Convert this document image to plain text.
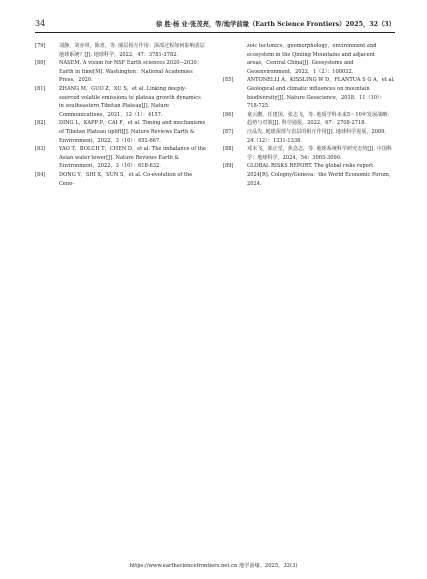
34	徐 胜·杨 业·张茂亮，等/地学前缘（Earth Science Frontiers）2025，32（3）

[79]	刘静，刘亦琪，陈喜，等. 圈层相互作用：深部过程如何影响表层地球系统？[J]. 地球科学，2022，47：3781-3782.

[80]	NASEM. A vision for NSF Earth sciences 2020−2030：Earth in time[M]. Washington：National Academies Press，2020.

[81]	ZHANG M，GUO Z，XU S，et al. Linking deeply-sourced volatile emissions to plateau growth dynamics in southeastern Tibetan Plateau[J]. Nature Communications，2021，12（1）：4157.

[82]	DING L，KAPP P，CAI F，et al. Timing and mechanisms of Tibetan Plateau uplift[J]. Nature Reviews Earth & Environment，2022，3（10）：652-667.

[83]	YAO T，BOLCH T，CHEN D，et al. The imbalance of the Asian water tower[J]. Nature Reviews Earth & Environment，2022，3（10）：618-632.

[84]	DONG Y，SHI X，SUN S，et al. Co-evolution of the Ceno-

zoic tectonics，geomorphology，environment and ecosystem in the Qinling Mountains and adjacent areas，Central China[J]. Geosystems and Geoenvironment，2022，1（2）：100032.

[85]	ANTONELLI A，KISSLING W D，FLANTUA S G A，et al. Geological and climatic influences on mountain biodiversity[J]. Nature Geoscience，2018，11（10）：718-725.

[86]	童云鹏，任建国，张志飞，等. 地质学科未来5～10年发展战略：趋势与对策[J]. 科学通报，2022，67：2708-2718.

[87]	汪品先. 地球深部与表层的相互作用[J]. 地球科学进展，2009，24（12）：1331-1338.

[88]	邓未飞，郭正堂，焦念志，等. 地球系统科学研究态势[J]. 中国科学：地球科学，2024，54：3065-3090.

[89]	GLOBAL RISKS REPORT. The global risks report 2024[R]. Cologny/Geneva：the World Economic Forum，2024.

https://www.earthsciencefrontiers.net.cn 地学前缘，2025，32(3)
